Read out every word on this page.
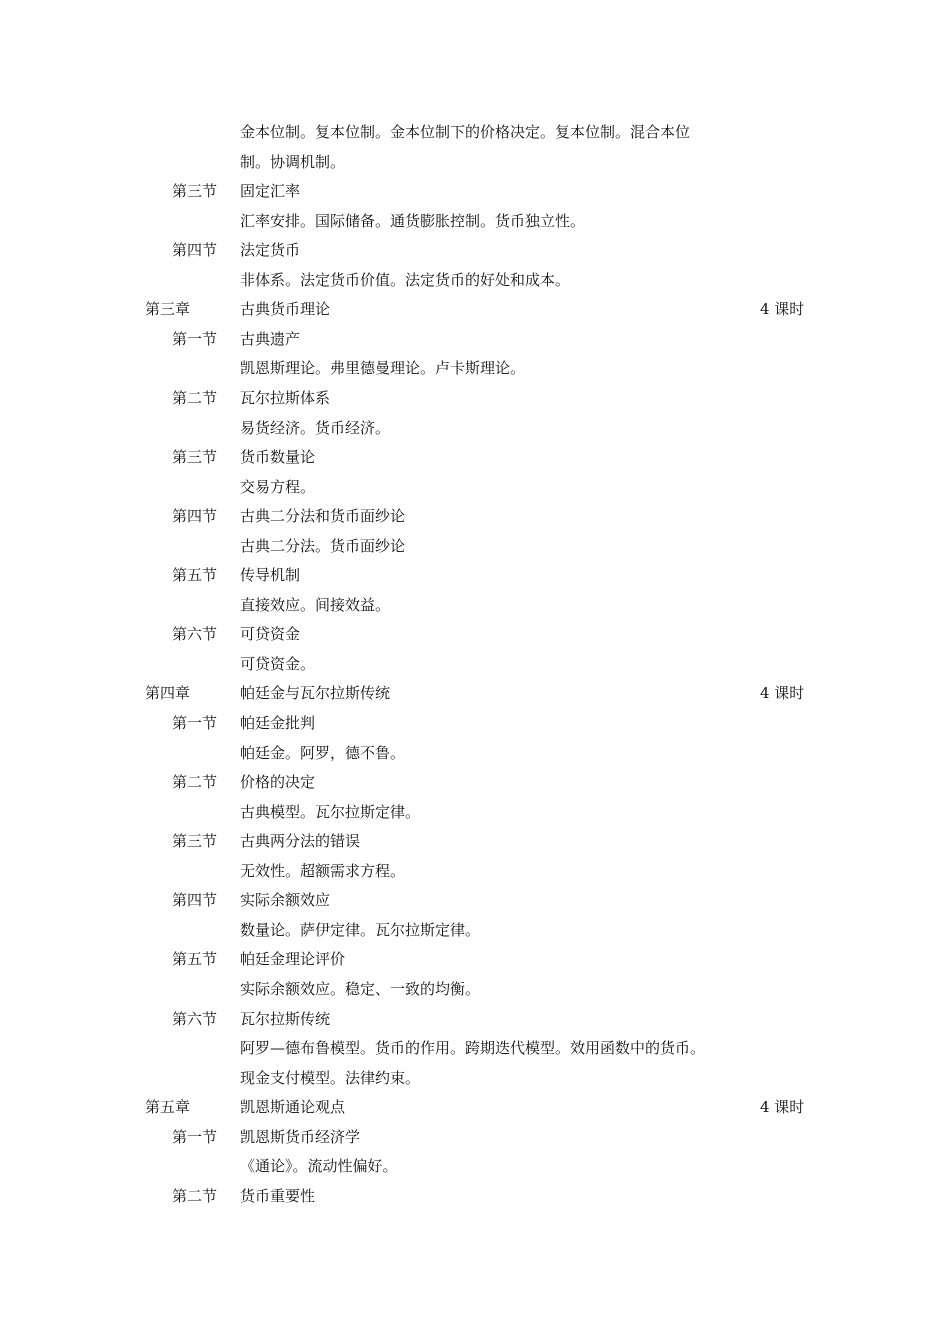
金本位制。复本位制。金本位制下的价格决定。复本位制。混合本位
制。协调机制。
第三节 固定汇率
汇率安排。国际储备。通货膨胀控制。货币独立性。
第四节 法定货币
非体系。法定货币价值。法定货币的好处和成本。
第三章	古典货币理论	4 课时
第一节 古典遗产
凯恩斯理论。弗里德曼理论。卢卡斯理论。
第二节 瓦尔拉斯体系
易货经济。货币经济。
第三节 货币数量论
交易方程。
第四节 古典二分法和货币面纱论
古典二分法。货币面纱论
第五节 传导机制
直接效应。间接效益。
第六节 可贷资金
可贷资金。
第四章	帕廷金与瓦尔拉斯传统	4 课时
第一节 帕廷金批判
帕廷金。阿罗，德不鲁。
第二节 价格的决定
古典模型。瓦尔拉斯定律。
第三节 古典两分法的错误
无效性。超额需求方程。
第四节 实际余额效应
数量论。萨伊定律。瓦尔拉斯定律。
第五节 帕廷金理论评价
实际余额效应。稳定、一致的均衡。
第六节 瓦尔拉斯传统
阿罗—德布鲁模型。货币的作用。跨期迭代模型。效用函数中的货币。
现金支付模型。法律约束。
第五章	凯恩斯通论观点	4 课时
第一节 凯恩斯货币经济学
《通论》。流动性偏好。
第二节 货币重要性
